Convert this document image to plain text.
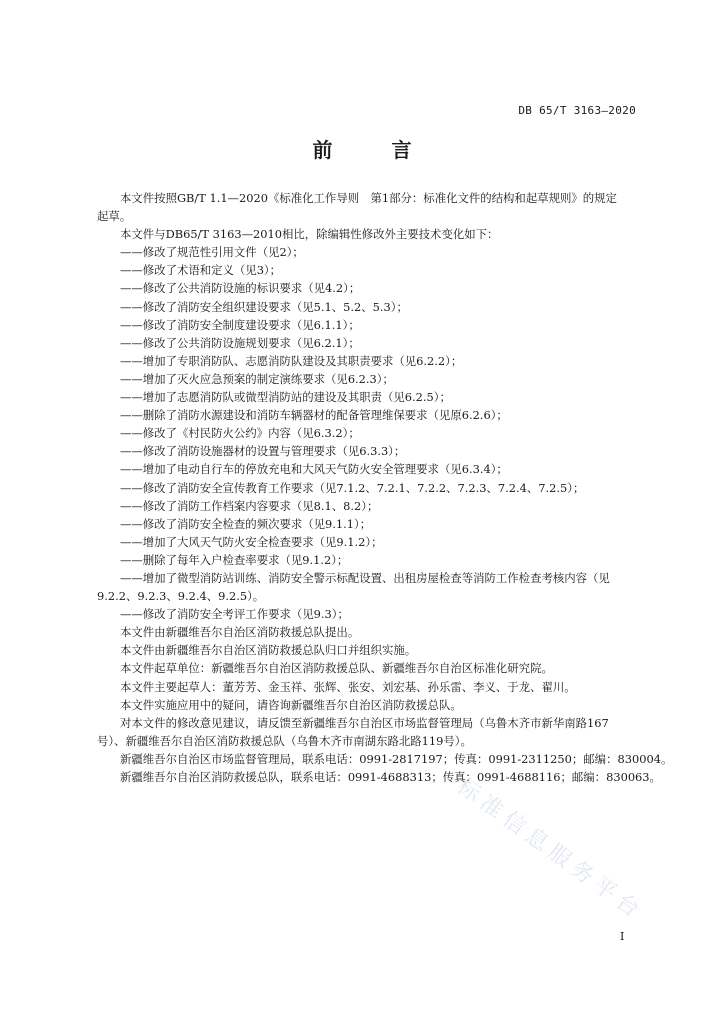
DB 65/T 3163—2020
前 言
本文件按照GB/T 1.1—2020《标准化工作导则　第1部分：标准化文件的结构和起草规则》的规定
起草。
本文件与DB65/T 3163—2010相比，除编辑性修改外主要技术变化如下：
——修改了规范性引用文件（见2）；
——修改了术语和定义（见3）；
——修改了公共消防设施的标识要求（见4.2）；
——修改了消防安全组织建设要求（见5.1、5.2、5.3）；
——修改了消防安全制度建设要求（见6.1.1）；
——修改了公共消防设施规划要求（见6.2.1）；
——增加了专职消防队、志愿消防队建设及其职责要求（见6.2.2）；
——增加了灭火应急预案的制定演练要求（见6.2.3）；
——增加了志愿消防队或微型消防站的建设及其职责（见6.2.5）；
——删除了消防水源建设和消防车辆器材的配备管理维保要求（见原6.2.6）；
——修改了《村民防火公约》内容（见6.3.2）；
——修改了消防设施器材的设置与管理要求（见6.3.3）；
——增加了电动自行车的停放充电和大风天气防火安全管理要求（见6.3.4）；
——修改了消防安全宣传教育工作要求（见7.1.2、7.2.1、7.2.2、7.2.3、7.2.4、7.2.5）；
——修改了消防工作档案内容要求（见8.1、8.2）；
——修改了消防安全检查的频次要求（见9.1.1）；
——增加了大风天气防火安全检查要求（见9.1.2）；
——删除了每年入户检查率要求（见9.1.2）；
——增加了微型消防站训练、消防安全警示标配设置、出租房屋检查等消防工作检查考核内容（见
9.2.2、9.2.3、9.2.4、9.2.5）。
——修改了消防安全考评工作要求（见9.3）；
本文件由新疆维吾尔自治区消防救援总队提出。
本文件由新疆维吾尔自治区消防救援总队归口并组织实施。
本文件起草单位：新疆维吾尔自治区消防救援总队、新疆维吾尔自治区标准化研究院。
本文件主要起草人：董芳芳、金玉祥、张辉、张安、刘宏基、孙乐雷、李义、于龙、翟川。
本文件实施应用中的疑问，请咨询新疆维吾尔自治区消防救援总队。
对本文件的修改意见建议，请反馈至新疆维吾尔自治区市场监督管理局（乌鲁木齐市新华南路167
号）、新疆维吾尔自治区消防救援总队（乌鲁木齐市南湖东路北路119号）。
新疆维吾尔自治区市场监督管理局，联系电话：0991-2817197；传真：0991-2311250；邮编：830004。
新疆维吾尔自治区消防救援总队，联系电话：0991-4688313；传真：0991-4688116；邮编：830063。
I
标准信息服务平台
